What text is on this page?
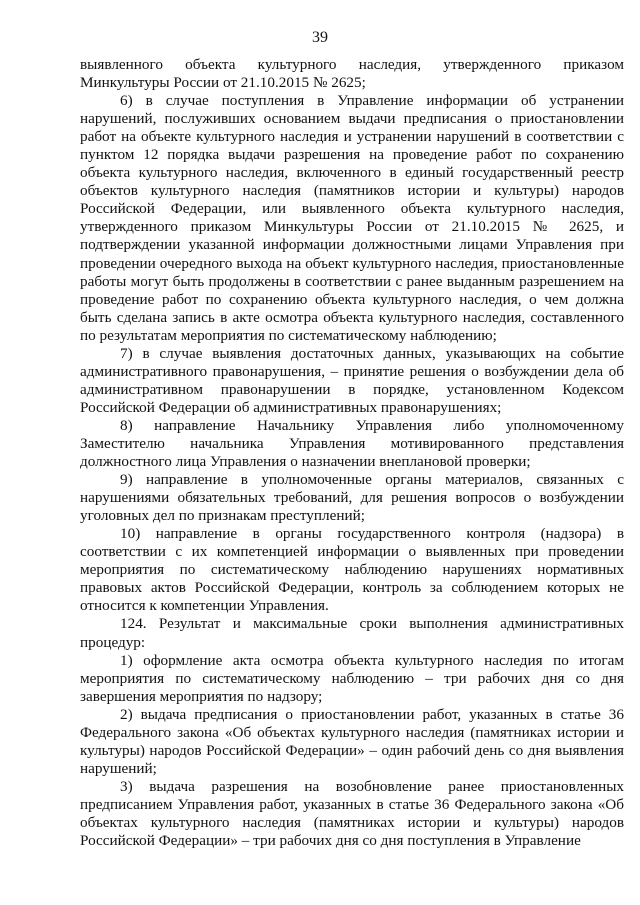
39

выявленного объекта культурного наследия, утвержденного приказом Минкультуры России от 21.10.2015 № 2625;

6) в случае поступления в Управление информации об устранении нарушений, послуживших основанием выдачи предписания о приостановлении работ на объекте культурного наследия и устранении нарушений в соответствии с пунктом 12 порядка выдачи разрешения на проведение работ по сохранению объекта культурного наследия, включенного в единый государственный реестр объектов культурного наследия (памятников истории и культуры) народов Российской Федерации, или выявленного объекта культурного наследия, утвержденного приказом Минкультуры России от 21.10.2015 № 2625, и подтверждении указанной информации должностными лицами Управления при проведении очередного выхода на объект культурного наследия, приостановленные работы могут быть продолжены в соответствии с ранее выданным разрешением на проведение работ по сохранению объекта культурного наследия, о чем должна быть сделана запись в акте осмотра объекта культурного наследия, составленного по результатам мероприятия по систематическому наблюдению;

7) в случае выявления достаточных данных, указывающих на событие административного правонарушения, – принятие решения о возбуждении дела об административном правонарушении в порядке, установленном Кодексом Российской Федерации об административных правонарушениях;

8) направление Начальнику Управления либо уполномоченному Заместителю начальника Управления мотивированного представления должностного лица Управления о назначении внеплановой проверки;

9) направление в уполномоченные органы материалов, связанных с нарушениями обязательных требований, для решения вопросов о возбуждении уголовных дел по признакам преступлений;

10) направление в органы государственного контроля (надзора) в соответствии с их компетенцией информации о выявленных при проведении мероприятия по систематическому наблюдению нарушениях нормативных правовых актов Российской Федерации, контроль за соблюдением которых не относится к компетенции Управления.

124. Результат и максимальные сроки выполнения административных процедур:

1) оформление акта осмотра объекта культурного наследия по итогам мероприятия по систематическому наблюдению – три рабочих дня со дня завершения мероприятия по надзору;

2) выдача предписания о приостановлении работ, указанных в статье 36 Федерального закона «Об объектах культурного наследия (памятниках истории и культуры) народов Российской Федерации» – один рабочий день со дня выявления нарушений;

3) выдача разрешения на возобновление ранее приостановленных предписанием Управления работ, указанных в статье 36 Федерального закона «Об объектах культурного наследия (памятниках истории и культуры) народов Российской Федерации» – три рабочих дня со дня поступления в Управление
